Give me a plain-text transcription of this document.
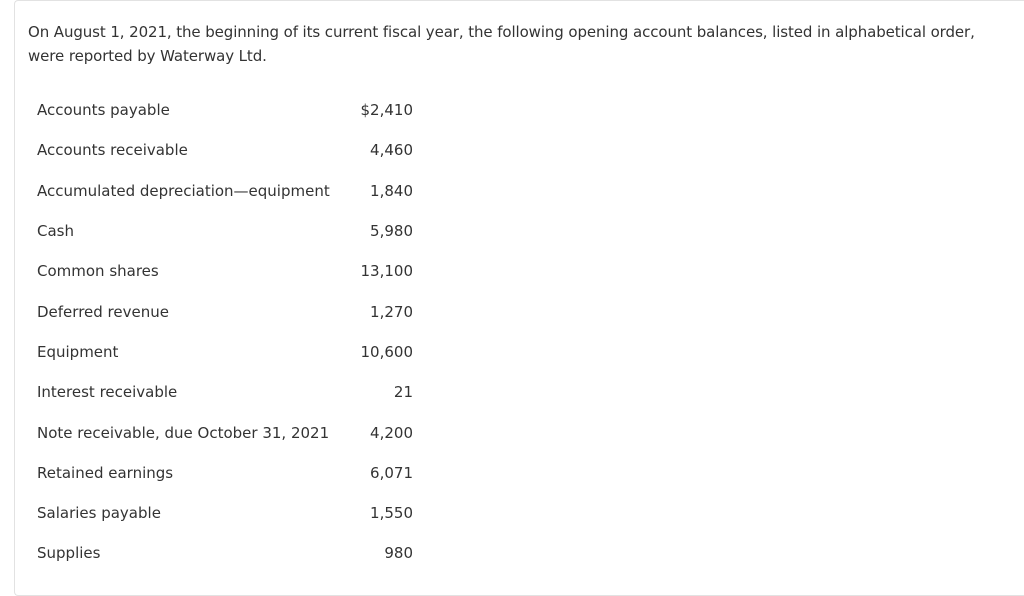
On August 1, 2021, the beginning of its current fiscal year, the following opening account balances, listed in alphabetical order, were reported by Waterway Ltd.

Accounts payable	$2,410
Accounts receivable	4,460
Accumulated depreciation—equipment	1,840
Cash	5,980
Common shares	13,100
Deferred revenue	1,270
Equipment	10,600
Interest receivable	21
Note receivable, due October 31, 2021	4,200
Retained earnings	6,071
Salaries payable	1,550
Supplies	980
